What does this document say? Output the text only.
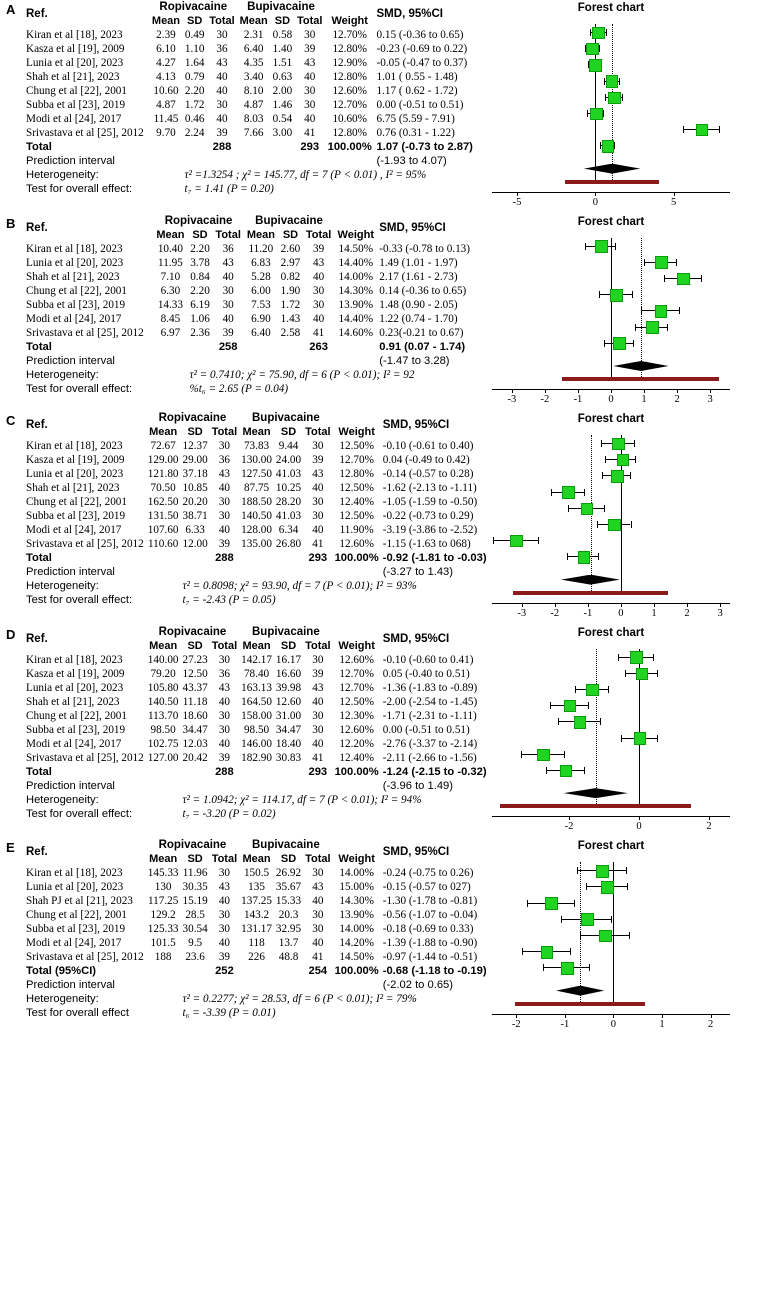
A Ref.	Ropivacaine			Bupivacaine				SMD, 95%CI
	Mean	SD	Total	Mean	SD	Total	Weight	
Kiran et al [18], 2023	2.39	0.49	30	2.31	0.58	30	12.70%	0.15 (-0.36 to 0.65)
Kasza et al [19], 2009	6.10	1.10	36	6.40	1.40	39	12.80%	-0.23 (-0.69 to 0.22)
Lunia et al [20], 2023	4.27	1.64	43	4.35	1.51	43	12.90%	-0.05 (-0.47 to 0.37)
Shah et al [21], 2023	4.13	0.79	40	3.40	0.63	40	12.80%	1.01 ( 0.55 - 1.48)
Chung et al [22], 2001	10.60	2.20	40	8.10	2.00	30	12.60%	1.17 ( 0.62 - 1.72)
Subba et al [23], 2019	4.87	1.72	30	4.87	1.46	30	12.70%	0.00 (-0.51 to 0.51)
Modi et al [24], 2017	11.45	0.46	40	8.03	0.54	40	10.60%	6.75 (5.59 - 7.91)
Srivastava et al [25], 2012	9.70	2.24	39	7.66	3.00	41	12.80%	0.76 (0.31 - 1.22)
Total			288			293	100.00%	1.07 (-0.73 to 2.87)
Prediction interval								(-1.93 to 4.07)
Heterogeneity:		τ² =1.3254 ; χ² = 145.77, df = 7 (P < 0.01) , I² = 95%						
Test for overall effect:		t₇ = 1.41 (P = 0.20)						
Forest chart
-5	0	5
B Ref.	Ropivacaine			Bupivacaine				SMD, 95%CI
	Mean	SD	Total	Mean	SD	Total	Weight	
Kiran et al [18], 2023	10.40	2.20	36	11.20	2.60	39	14.50%	-0.33 (-0.78 to 0.13)
Lunia et al [20], 2023	11.95	3.78	43	6.83	2.97	43	14.40%	1.49 (1.01 - 1.97)
Shah et al [21], 2023	7.10	0.84	40	5.28	0.82	40	14.00%	2.17 (1.61 - 2.73)
Chung et al [22], 2001	6.30	2.20	30	6.00	1.90	30	14.30%	0.14 (-0.36 to 0.65)
Subba et al [23], 2019	14.33	6.19	30	7.53	1.72	30	13.90%	1.48 (0.90 - 2.05)
Modi et al [24], 2017	8.45	1.06	40	6.90	1.43	40	14.40%	1.22 (0.74 - 1.70)
Srivastava et al [25], 2012	6.97	2.36	39	6.40	2.58	41	14.60%	0.23(-0.21 to 0.67)
Total			258			263		0.91 (0.07 - 1.74)
Prediction interval								(-1.47 to 3.28)
Heterogeneity:		τ² = 0.7410; χ² = 75.90, df = 6 (P < 0.01); I² = 92						
Test for overall effect:		%t₆ = 2.65 (P = 0.04)						
Forest chart
-3	-2	-1	0	1	2	3
C Ref.	Ropivacaine			Bupivacaine				SMD, 95%CI
	Mean	SD	Total	Mean	SD	Total	Weight	
Kiran et al [18], 2023	72.67	12.37	30	73.83	9.44	30	12.50%	-0.10 (-0.61 to 0.40)
Kasza et al [19], 2009	129.00	29.00	36	130.00	24.00	39	12.70%	0.04 (-0.49 to 0.42)
Lunia et al [20], 2023	121.80	37.18	43	127.50	41.03	43	12.80%	-0.14 (-0.57 to 0.28)
Shah et al [21], 2023	70.50	10.85	40	87.75	10.25	40	12.50%	-1.62 (-2.13 to -1.11)
Chung et al [22], 2001	162.50	20.20	30	188.50	28.20	30	12.40%	-1.05 (-1.59 to -0.50)
Subba et al [23], 2019	131.50	38.71	30	140.50	41.03	30	12.50%	-0.22 (-0.73 to 0.29)
Modi et al [24], 2017	107.60	6.33	40	128.00	6.34	40	11.90%	-3.19 (-3.86 to -2.52)
Srivastava et al [25], 2012	110.60	12.00	39	135.00	26.80	41	12.60%	-1.15 (-1.63 to 068)
Total			288			293	100.00%	-0.92 (-1.81 to -0.03)
Prediction interval								(-3.27 to 1.43)
Heterogeneity:		τ² = 0.8098; χ² = 93.90, df = 7 (P < 0.01); I² = 93%						
Test for overall effect:		t₇ = -2.43 (P = 0.05)						
Forest chart
-3	-2	-1	0	1	2	3
D Ref.	Ropivacaine			Bupivacaine				SMD, 95%CI
	Mean	SD	Total	Mean	SD	Total	Weight	
Kiran et al [18], 2023	140.00	27.23	30	142.17	16.17	30	12.60%	-0.10 (-0.60 to 0.41)
Kasza et al [19], 2009	79.20	12.50	36	78.40	16.60	39	12.70%	0.05 (-0.40 to 0.51)
Lunia et al [20], 2023	105.80	43.37	43	163.13	39.98	43	12.70%	-1.36 (-1.83 to -0.89)
Shah et al [21], 2023	140.50	11.18	40	164.50	12.60	40	12.50%	-2.00 (-2.54 to -1.45)
Chung et al [22], 2001	113.70	18.60	30	158.00	31.00	30	12.30%	-1.71 (-2.31 to -1.11)
Subba et al [23], 2019	98.50	34.47	30	98.50	34.47	30	12.60%	0.00 (-0.51 to 0.51)
Modi et al [24], 2017	102.75	12.03	40	146.00	18.40	40	12.20%	-2.76 (-3.37 to -2.14)
Srivastava et al [25], 2012	127.00	20.42	39	182.90	30.83	41	12.40%	-2.11 (-2.66 to -1.56)
Total			288			293	100.00%	-1.24 (-2.15 to -0.32)
Prediction interval								(-3.96 to 1.49)
Heterogeneity:		τ² = 1.0942; χ² = 114.17, df = 7 (P < 0.01); I² = 94%						
Test for overall effect:		t₇ = -3.20 (P = 0.02)						
Forest chart
-2	0	2
E Ref.	Ropivacaine			Bupivacaine				SMD, 95%CI
	Mean	SD	Total	Mean	SD	Total	Weight	
Kiran et al [18], 2023	145.33	11.96	30	150.5	26.92	30	14.00%	-0.24 (-0.75 to 0.26)
Lunia et al [20], 2023	130	30.35	43	135	35.67	43	15.00%	-0.15 (-0.57 to 027)
Shah PJ et al [21], 2023	117.25	15.19	40	137.25	15.33	40	14.30%	-1.30 (-1.78 to -0.81)
Chung et al [22], 2001	129.2	28.5	30	143.2	20.3	30	13.90%	-0.56 (-1.07 to -0.04)
Subba et al [23], 2019	125.33	30.54	30	131.17	32.95	30	14.00%	-0.18 (-0.69 to 0.33)
Modi et al [24], 2017	101.5	9.5	40	118	13.7	40	14.20%	-1.39 (-1.88 to -0.90)
Srivastava et al [25], 2012	188	23.6	39	226	48.8	41	14.50%	-0.97 (-1.44 to -0.51)
Total (95%CI)			252			254	100.00%	-0.68 (-1.18 to -0.19)
Prediction interval								(-2.02 to 0.65)
Heterogeneity:		τ² = 0.2277; χ² = 28.53, df = 6 (P < 0.01); I² = 79%						
Test for overall effect		t₆ = -3.39 (P = 0.01)						
Forest chart
-2	-1	0	1	2
